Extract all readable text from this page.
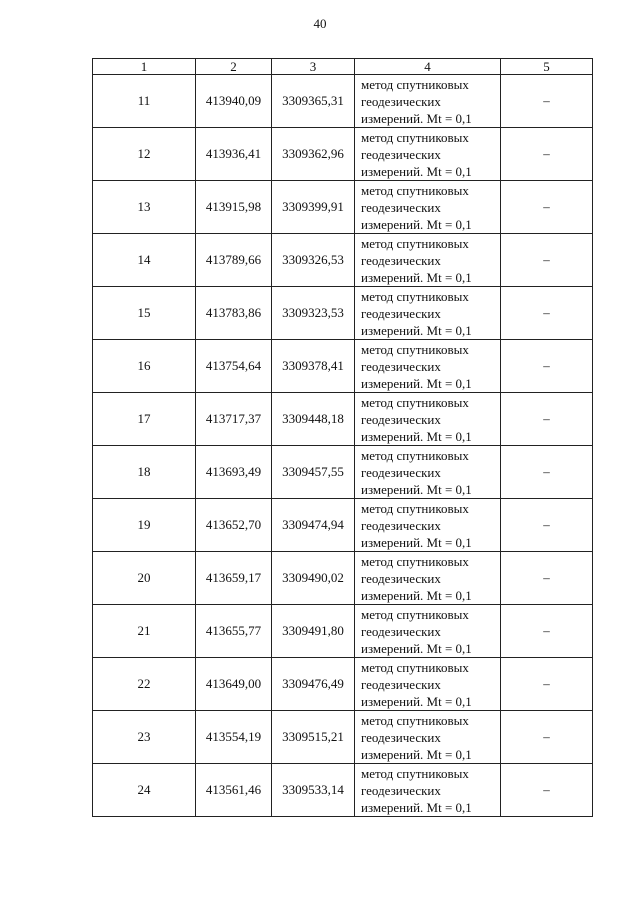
40
1	2	3	4	5
11	413940,09	3309365,31	метод спутниковых
геодезических
измерений. Mt = 0,1	–
12	413936,41	3309362,96	метод спутниковых
геодезических
измерений. Mt = 0,1	–
13	413915,98	3309399,91	метод спутниковых
геодезических
измерений. Mt = 0,1	–
14	413789,66	3309326,53	метод спутниковых
геодезических
измерений. Mt = 0,1	–
15	413783,86	3309323,53	метод спутниковых
геодезических
измерений. Mt = 0,1	–
16	413754,64	3309378,41	метод спутниковых
геодезических
измерений. Mt = 0,1	–
17	413717,37	3309448,18	метод спутниковых
геодезических
измерений. Mt = 0,1	–
18	413693,49	3309457,55	метод спутниковых
геодезических
измерений. Mt = 0,1	–
19	413652,70	3309474,94	метод спутниковых
геодезических
измерений. Mt = 0,1	–
20	413659,17	3309490,02	метод спутниковых
геодезических
измерений. Mt = 0,1	–
21	413655,77	3309491,80	метод спутниковых
геодезических
измерений. Mt = 0,1	–
22	413649,00	3309476,49	метод спутниковых
геодезических
измерений. Mt = 0,1	–
23	413554,19	3309515,21	метод спутниковых
геодезических
измерений. Mt = 0,1	–
24	413561,46	3309533,14	метод спутниковых
геодезических
измерений. Mt = 0,1	–
